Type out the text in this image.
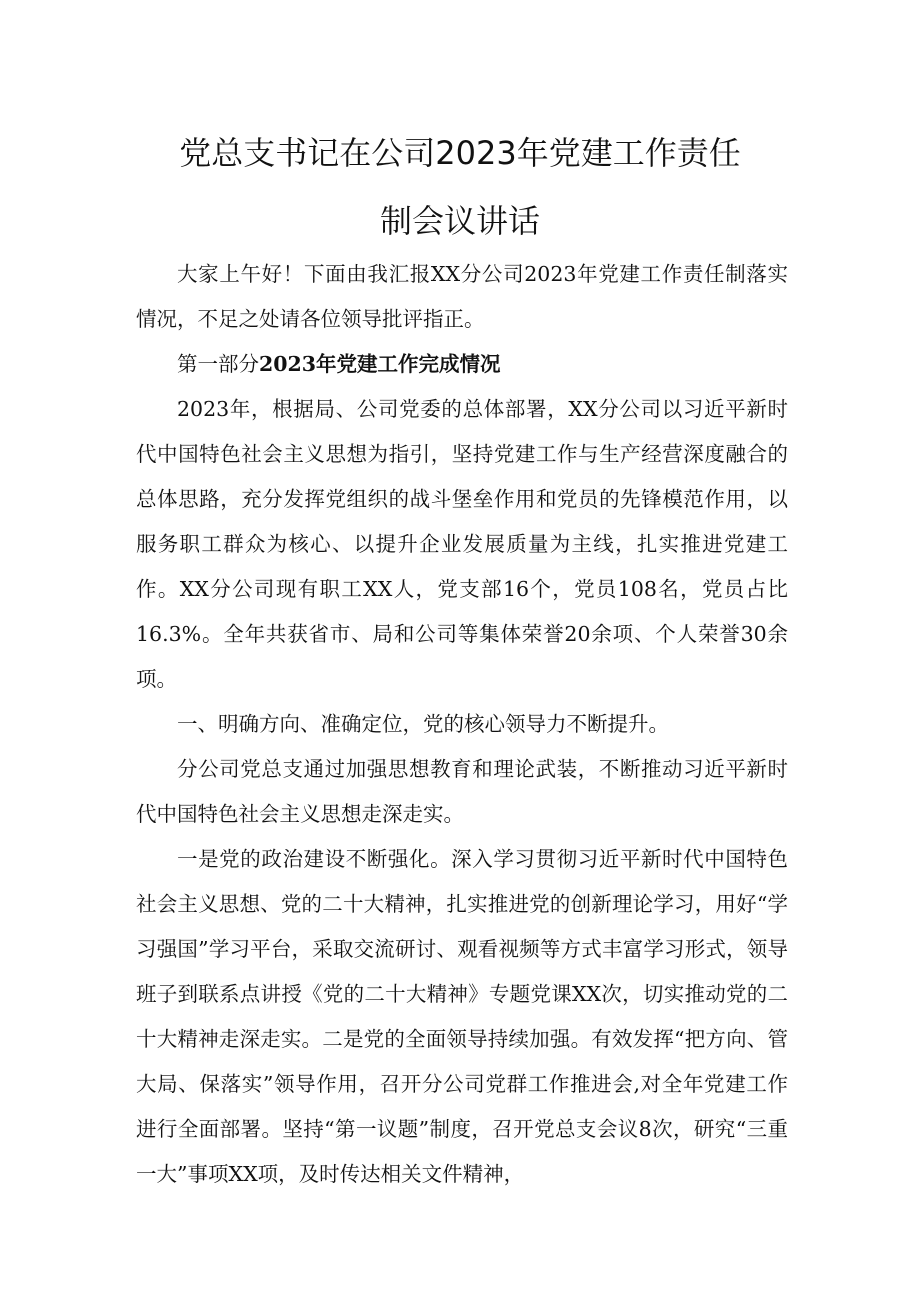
党总支书记在公司2023年党建工作责任
制会议讲话

大家上午好！下面由我汇报XX分公司2023年党建工作责任制落实情况，不足之处请各位领导批评指正。

第一部分2023年党建工作完成情况

2023年，根据局、公司党委的总体部署，XX分公司以习近平新时代中国特色社会主义思想为指引，坚持党建工作与生产经营深度融合的总体思路，充分发挥党组织的战斗堡垒作用和党员的先锋模范作用，以服务职工群众为核心、以提升企业发展质量为主线，扎实推进党建工作。XX分公司现有职工XX人，党支部16个，党员108名，党员占比16.3%。全年共获省市、局和公司等集体荣誉20余项、个人荣誉30余项。

一、明确方向、准确定位，党的核心领导力不断提升。

分公司党总支通过加强思想教育和理论武装，不断推动习近平新时代中国特色社会主义思想走深走实。

一是党的政治建设不断强化。深入学习贯彻习近平新时代中国特色社会主义思想、党的二十大精神，扎实推进党的创新理论学习，用好“学习强国”学习平台，采取交流研讨、观看视频等方式丰富学习形式，领导班子到联系点讲授《党的二十大精神》专题党课XX次，切实推动党的二十大精神走深走实。二是党的全面领导持续加强。有效发挥“把方向、管大局、保落实”领导作用，召开分公司党群工作推进会,对全年党建工作进行全面部署。坚持“第一议题”制度，召开党总支会议8次，研究“三重一大”事项XX项，及时传达相关文件精神，
